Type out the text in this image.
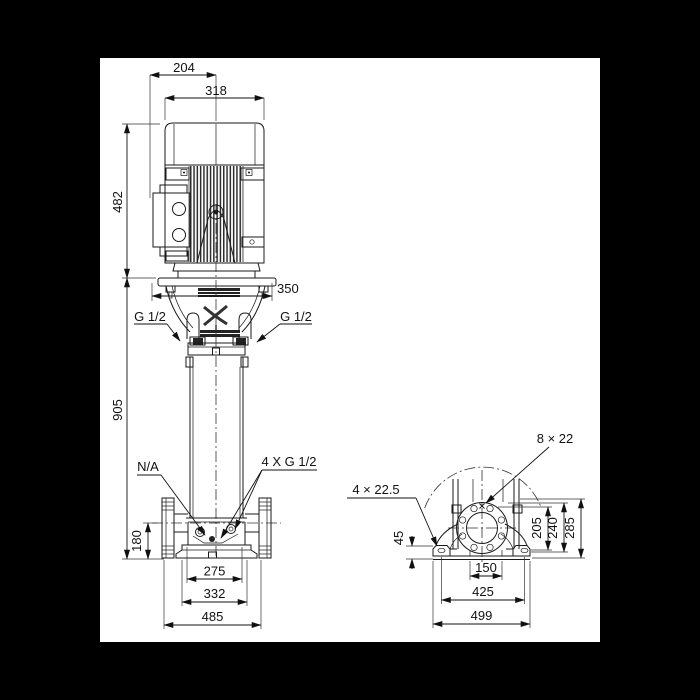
204
318
482
905
350
180
275
332
485
G 1/2	G 1/2
N/A	4 X G 1/2
8 × 22
4 × 22.5
45	205 240 285
150
425
499
